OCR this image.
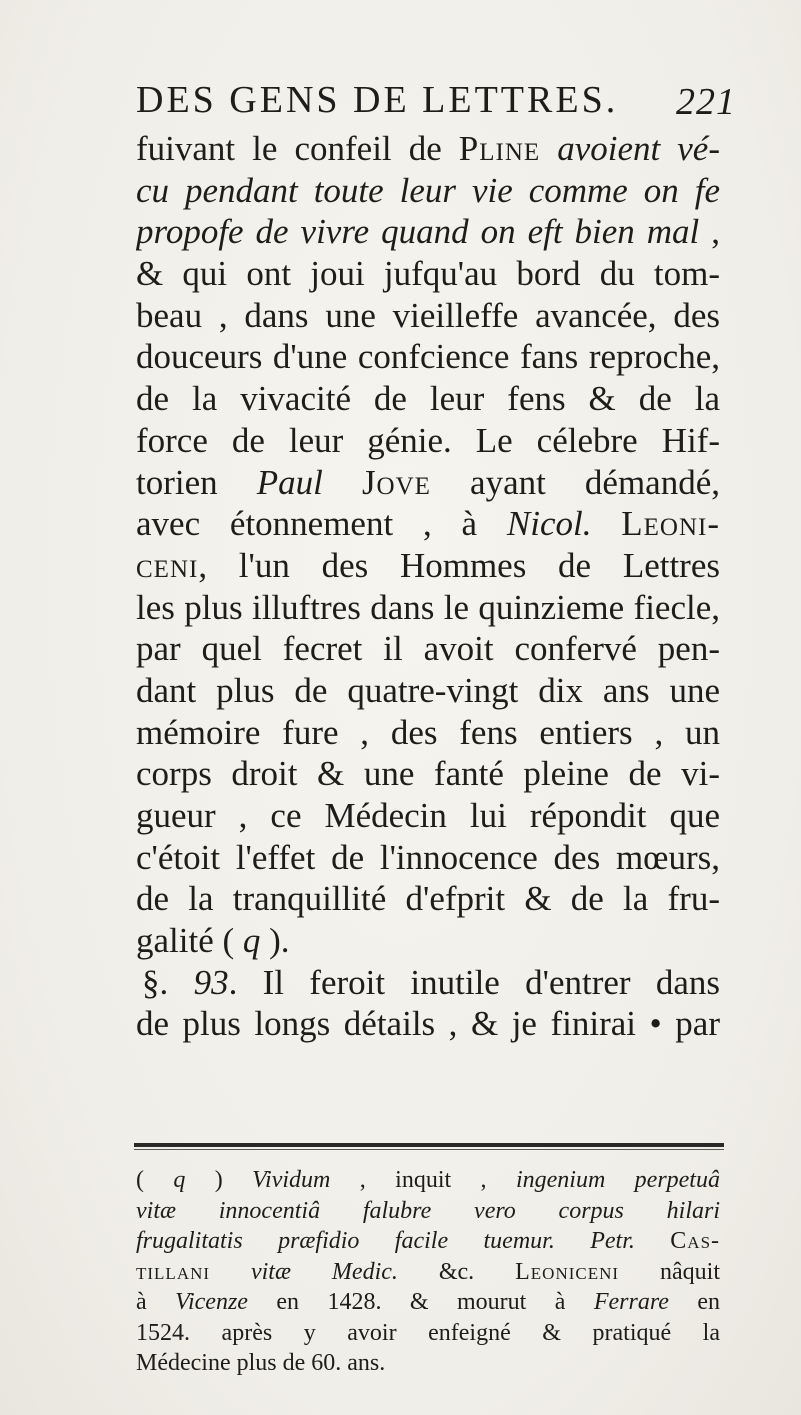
DES GENS DE LETTRES. 221
fuivant le confeil de Pline avoient vé-
cu pendant toute leur vie comme on fe
propofe de vivre quand on eft bien mal ,
& qui ont joui jufqu'au bord du tom-
beau , dans une vieilleffe avancée, des
douceurs d'une confcience fans reproche,
de la vivacité de leur fens & de la
force de leur génie. Le célebre Hif-
torien Paul Jove ayant démandé,
avec étonnement , à Nicol. Leoni-
ceni, l'un des Hommes de Lettres
les plus illuftres dans le quinzieme fiecle,
par quel fecret il avoit confervé pen-
dant plus de quatre-vingt dix ans une
mémoire fure , des fens entiers , un
corps droit & une fanté pleine de vi-
gueur , ce Médecin lui répondit que
c'étoit l'effet de l'innocence des mœurs,
de la tranquillité d'efprit & de la fru-
galité ( q ).
§. 93. Il feroit inutile d'entrer dans
de plus longs détails , & je finirai • par
( q ) Vividum , inquit , ingenium perpetuâ
vitæ innocentiâ falubre vero corpus hilari
frugalitatis præfidio facile tuemur. Petr. Cas-
tillani vitæ Medic. &c. Leoniceni nâquit
à Vicenze en 1428. & mourut à Ferrare en
1524. après y avoir enfeigné & pratiqué la
Médecine plus de 60. ans.
